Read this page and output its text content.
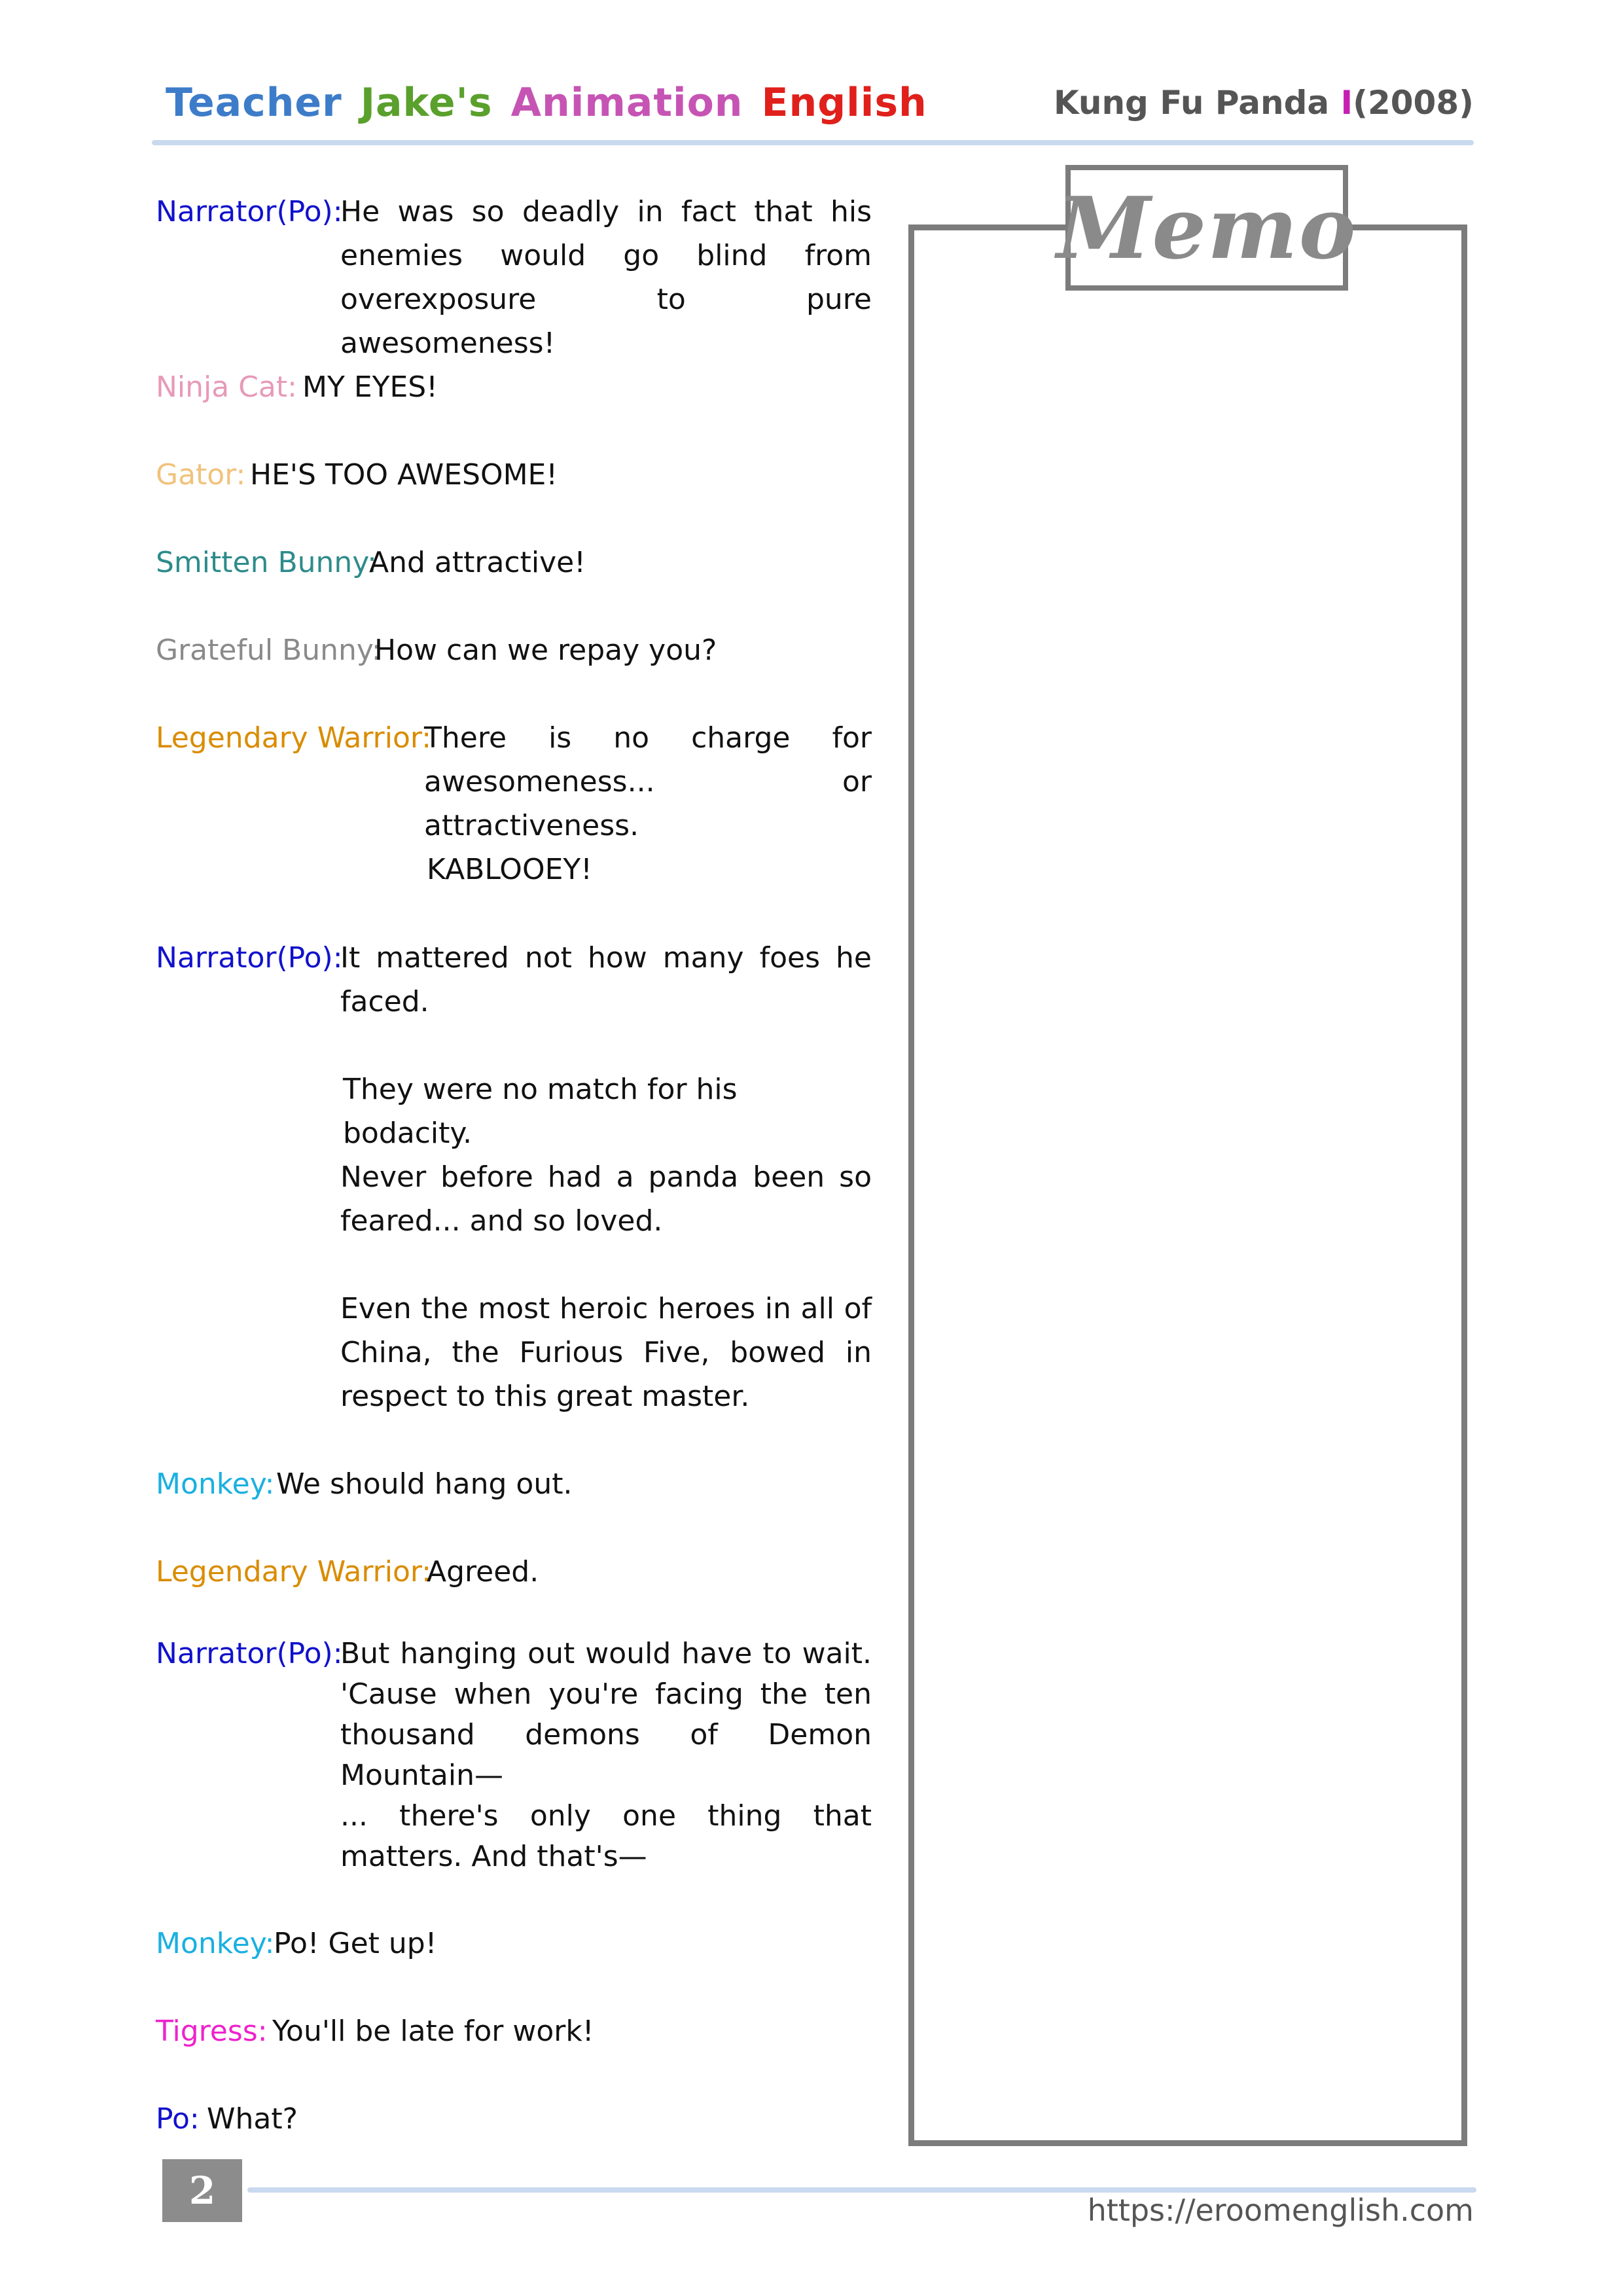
Teacher Jake's Animation English	Kung Fu Panda I(2008)
Narrator(Po):
He was so deadly in fact that his enemies would go blind from overexposure to pure awesomeness!
Ninja Cat: MY EYES!
Gator: HE'S TOO AWESOME!
Smitten Bunny:
And attractive!
Grateful Bunny:
How can we repay you?
Legendary Warrior:
There is no charge for awesomeness... or attractiveness.
KABLOOEY!
Narrator(Po):
It mattered not how many foes he faced.
They were no match for his bodacity.
Never before had a panda been so feared... and so loved.
Even the most heroic heroes in all of China, the Furious Five, bowed in respect to this great master.
Monkey: We should hang out.
Legendary Warrior:
Agreed.
Narrator(Po):
But hanging out would have to wait. 'Cause when you're facing the ten thousand demons of Demon Mountain—
... there's only one thing that matters. And that's—
Monkey:
Po! Get up!
Tigress: You'll be late for work!
Po: What?
Memo
2	https://eroomenglish.com
